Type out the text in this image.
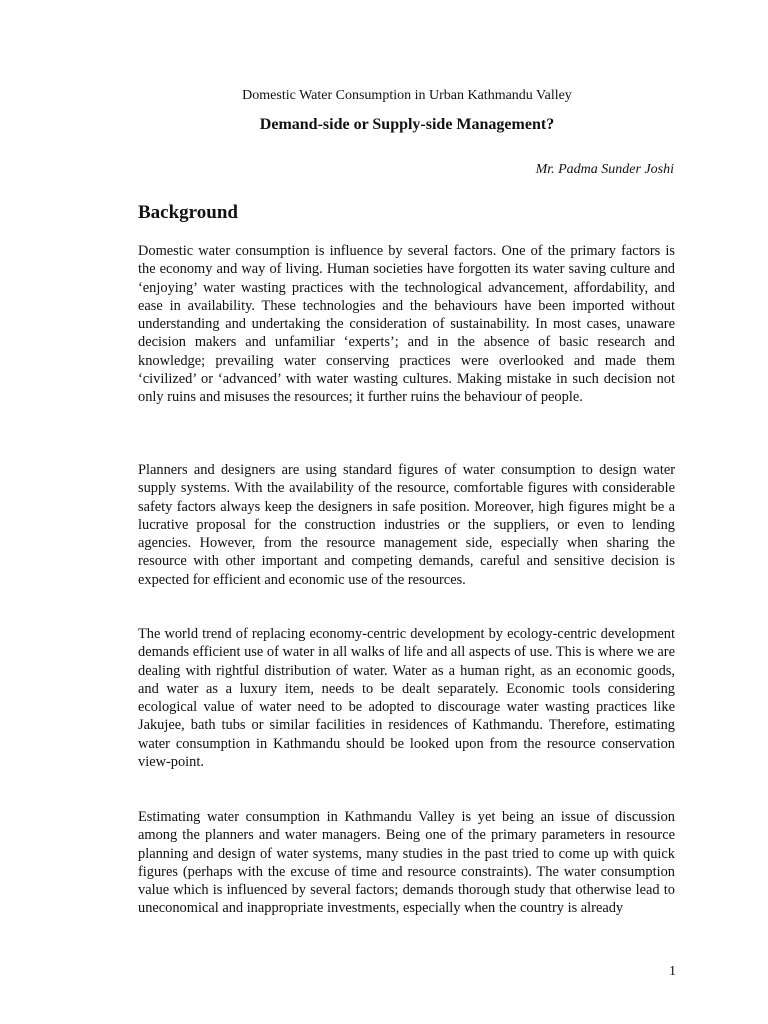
Domestic Water Consumption in Urban Kathmandu Valley
Demand-side or Supply-side Management?
Mr. Padma Sunder Joshi
Background

Domestic water consumption is influence by several factors. One of the primary factors is the economy and way of living. Human societies have forgotten its water saving culture and ‘enjoying’ water wasting practices with the technological advancement, affordability, and ease in availability. These technologies and the behaviours have been imported without understanding and undertaking the consideration of sustainability. In most cases, unaware decision makers and unfamiliar ‘experts’; and in the absence of basic research and knowledge; prevailing water conserving practices were overlooked and made them ‘civilized’ or ‘advanced’ with water wasting cultures. Making mistake in such decision not only ruins and misuses the resources; it further ruins the behaviour of people.

Planners and designers are using standard figures of water consumption to design water supply systems. With the availability of the resource, comfortable figures with considerable safety factors always keep the designers in safe position. Moreover, high figures might be a lucrative proposal for the construction industries or the suppliers, or even to lending agencies. However, from the resource management side, especially when sharing the resource with other important and competing demands, careful and sensitive decision is expected for efficient and economic use of the resources.

The world trend of replacing economy-centric development by ecology-centric development demands efficient use of water in all walks of life and all aspects of use. This is where we are dealing with rightful distribution of water. Water as a human right, as an economic goods, and water as a luxury item, needs to be dealt separately. Economic tools considering ecological value of water need to be adopted to discourage water wasting practices like Jakujee, bath tubs or similar facilities in residences of Kathmandu. Therefore, estimating water consumption in Kathmandu should be looked upon from the resource conservation view-point.

Estimating water consumption in Kathmandu Valley is yet being an issue of discussion among the planners and water managers. Being one of the primary parameters in resource planning and design of water systems, many studies in the past tried to come up with quick figures (perhaps with the excuse of time and resource constraints). The water consumption value which is influenced by several factors; demands thorough study that otherwise lead to uneconomical and inappropriate investments, especially when the country is already

1
